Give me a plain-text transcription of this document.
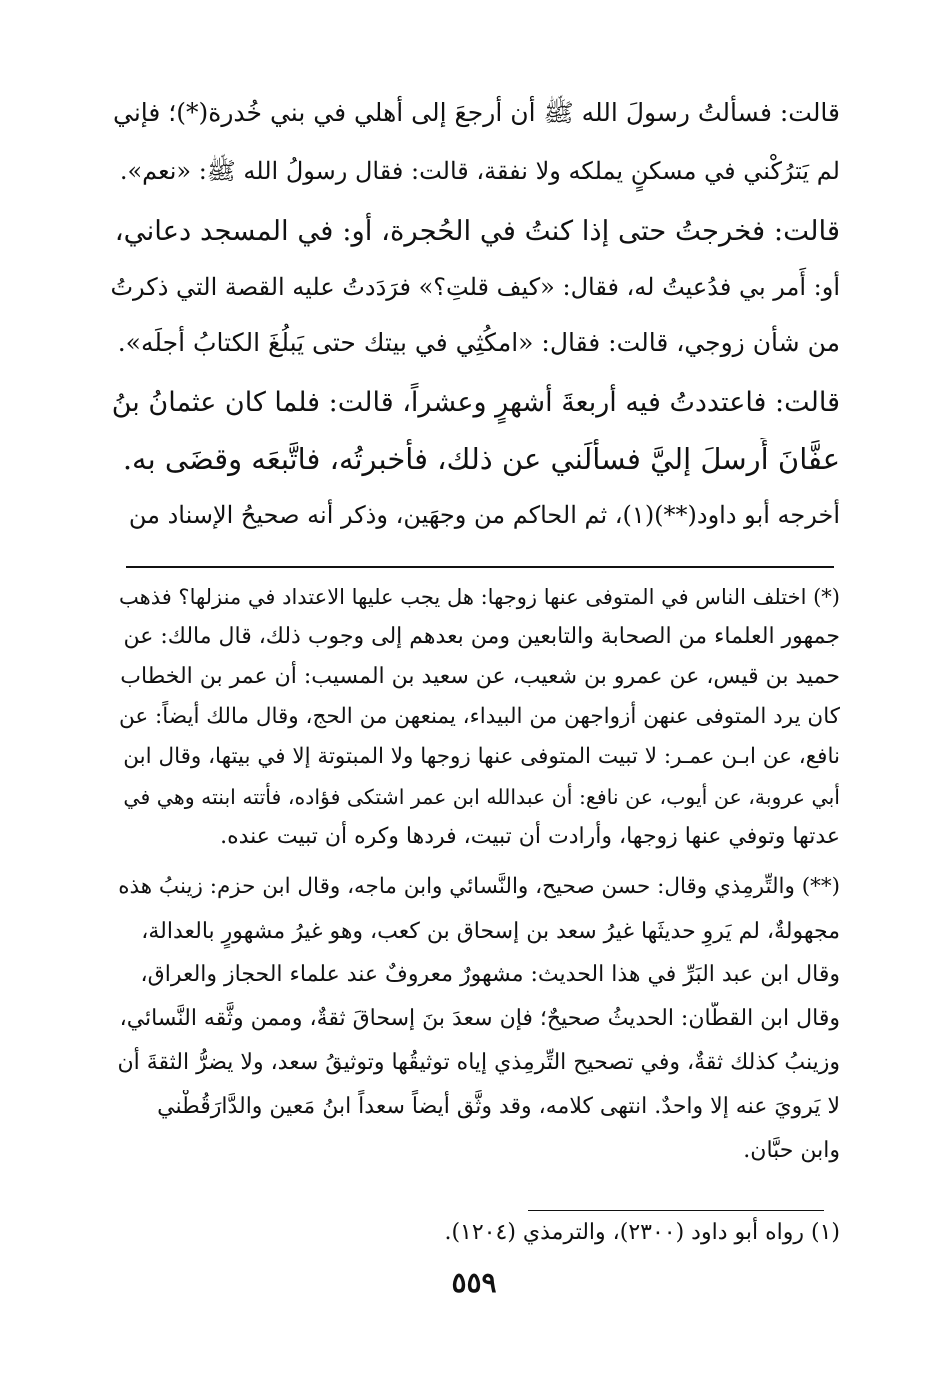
قالت: فسألتُ رسولَ الله ﷺ أن أرجعَ إلى أهلي في بني خُدرة(*)؛ فإني
لم يَترُكْني في مسكنٍ يملكه ولا نفقة، قالت: فقال رسولُ الله ﷺ: «نعم».
قالت: فخرجتُ حتى إذا كنتُ في الحُجرة، أو: في المسجد دعاني،
أو: أَمر بي فدُعيتُ له، فقال: «كيف قلتِ؟» فرَدَدتُ عليه القصة التي ذكرتُ
من شأن زوجي، قالت: فقال: «امكُثِي في بيتك حتى يَبلُغَ الكتابُ أجلَه».
قالت: فاعتددتُ فيه أربعةَ أشهرٍ وعشراً، قالت: فلما كان عثمانُ بنُ
عفَّانَ أَرسلَ إليَّ فسألَني عن ذلك، فأخبرتُه، فاتَّبعَه وقضَى به.
أخرجه أبو داود(**)(١)، ثم الحاكم من وجهَين، وذكر أنه صحيحُ الإسناد من
(*) اختلف الناس في المتوفى عنها زوجها: هل يجب عليها الاعتداد في منزلها؟ فذهب
جمهور العلماء من الصحابة والتابعين ومن بعدهم إلى وجوب ذلك، قال مالك: عن
حميد بن قيس، عن عمرو بن شعيب، عن سعيد بن المسيب: أن عمر بن الخطاب
كان يرد المتوفى عنهن أزواجهن من البيداء، يمنعهن من الحج، وقال مالك أيضاً: عن
نافع، عن ابـن عمـر: لا تبيت المتوفى عنها زوجها ولا المبتوتة إلا في بيتها، وقال ابن
أبي عروبة، عن أيوب، عن نافع: أن عبدالله ابن عمر اشتكى فؤاده، فأتته ابنته وهي في
عدتها وتوفي عنها زوجها، وأرادت أن تبيت، فردها وكره أن تبيت عنده.
(**) والتِّرمِذي وقال: حسن صحيح، والنَّسائي وابن ماجه، وقال ابن حزم: زينبُ هذه
مجهولةٌ، لم يَروِ حديثَها غيرُ سعد بن إسحاق بن كعب، وهو غيرُ مشهورٍ بالعدالة،
وقال ابن عبد البَرِّ في هذا الحديث: مشهورٌ معروفٌ عند علماء الحجاز والعراق،
وقال ابن القطَّان: الحديثُ صحيحٌ؛ فإن سعدَ بنَ إسحاقَ ثقةٌ، وممن وثَّقه النَّسائي،
وزينبُ كذلك ثقةٌ، وفي تصحيح التِّرمِذي إياه توثيقُها وتوثيقُ سعد، ولا يضرُّ الثقةَ أن
لا يَرويَ عنه إلا واحدٌ. انتهى كلامه، وقد وثَّق أيضاً سعداً ابنُ مَعين والدَّارَقُطْني
وابن حبَّان.
(١) رواه أبو داود (٢٣٠٠)، والترمذي (١٢٠٤).
٥٥٩
